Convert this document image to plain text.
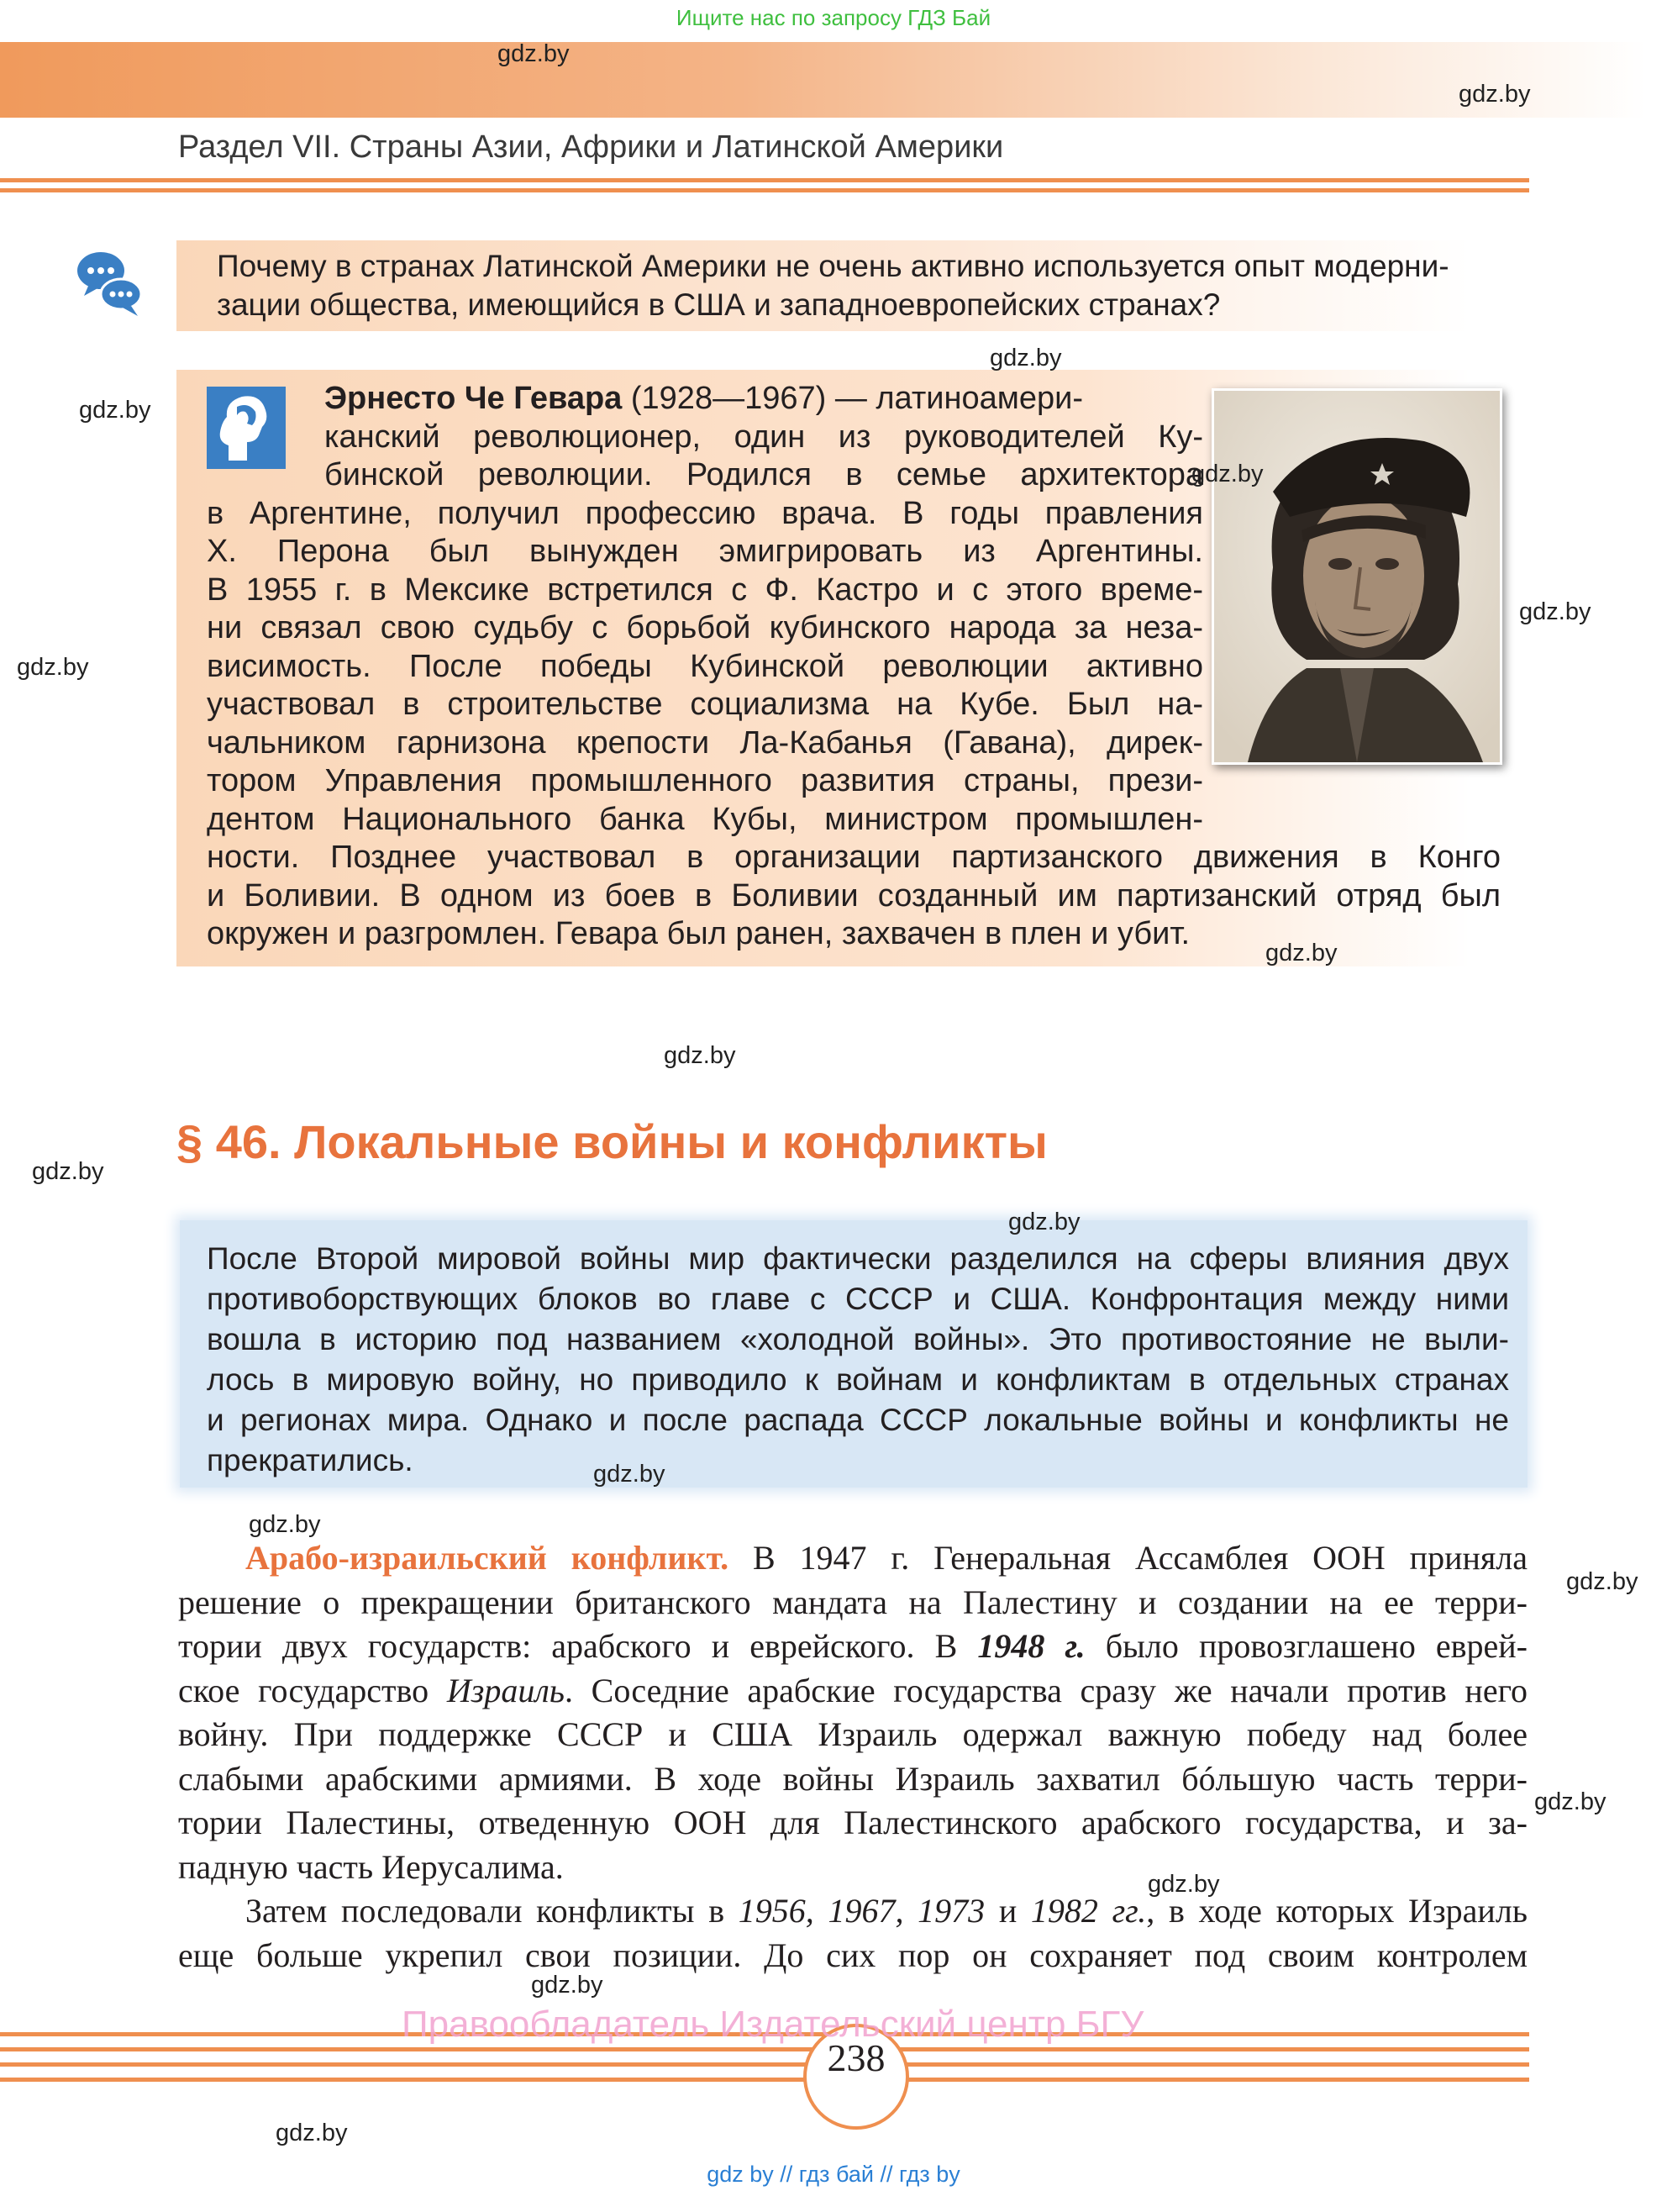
Ищите нас по запросу ГДЗ Бай
Раздел VII. Страны Азии, Африки и Латинской Америки
Почему в странах Латинской Америки не очень активно используется опыт модерни-
зации общества, имеющийся в США и западноевропейских странах?
Эрнесто Че Гевара (1928—1967) — латиноамери-
канский революционер, один из руководителей Ку-
бинской революции. Родился в семье архитектора
в Аргентине, получил профессию врача. В годы правления
Х. Перона был вынужден эмигрировать из Аргентины.
В 1955 г. в Мексике встретился с Ф. Кастро и с этого време-
ни связал свою судьбу с борьбой кубинского народа за неза-
висимость. После победы Кубинской революции активно
участвовал в строительстве социализма на Кубе. Был на-
чальником гарнизона крепости Ла-Кабанья (Гавана), дирек-
тором Управления промышленного развития страны, прези-
дентом Национального банка Кубы, министром промышлен-
ности. Позднее участвовал в организации партизанского движения в Конго
и Боливии. В одном из боев в Боливии созданный им партизанский отряд был
окружен и разгромлен. Гевара был ранен, захвачен в плен и убит.
§ 46. Локальные войны и конфликты
После Второй мировой войны мир фактически разделился на сферы влияния двух
противоборствующих блоков во главе с СССР и США. Конфронтация между ними
вошла в историю под названием «холодной войны». Это противостояние не выли-
лось в мировую войну, но приводило к войнам и конфликтам в отдельных странах
и регионах мира. Однако и после распада СССР локальные войны и конфликты не
прекратились.
Арабо-израильский конфликт. В 1947 г. Генеральная Ассамблея ООН приняла
решение о прекращении британского мандата на Палестину и создании на ее терри-
тории двух государств: арабского и еврейского. В 1948 г. было провозглашено еврей-
ское государство Израиль. Соседние арабские государства сразу же начали против него
войну. При поддержке СССР и США Израиль одержал важную победу над более
слабыми арабскими армиями. В ходе войны Израиль захватил бóльшую часть терри-
тории Палестины, отведенную ООН для Палестинского арабского государства, и за-
падную часть Иерусалима.
Затем последовали конфликты в 1956, 1967, 1973 и 1982 гг., в ходе которых Израиль
еще больше укрепил свои позиции. До сих пор он сохраняет под своим контролем
238
Правообладатель Издательский центр БГУ
gdz by // гдз бай // гдз by
gdz.by
gdz.by
gdz.by
gdz.by
gdz.by
gdz.by
gdz.by
gdz.by
gdz.by
gdz.by
gdz.by
gdz.by
gdz.by
gdz.by
gdz.by
gdz.by
gdz.by
gdz.by
